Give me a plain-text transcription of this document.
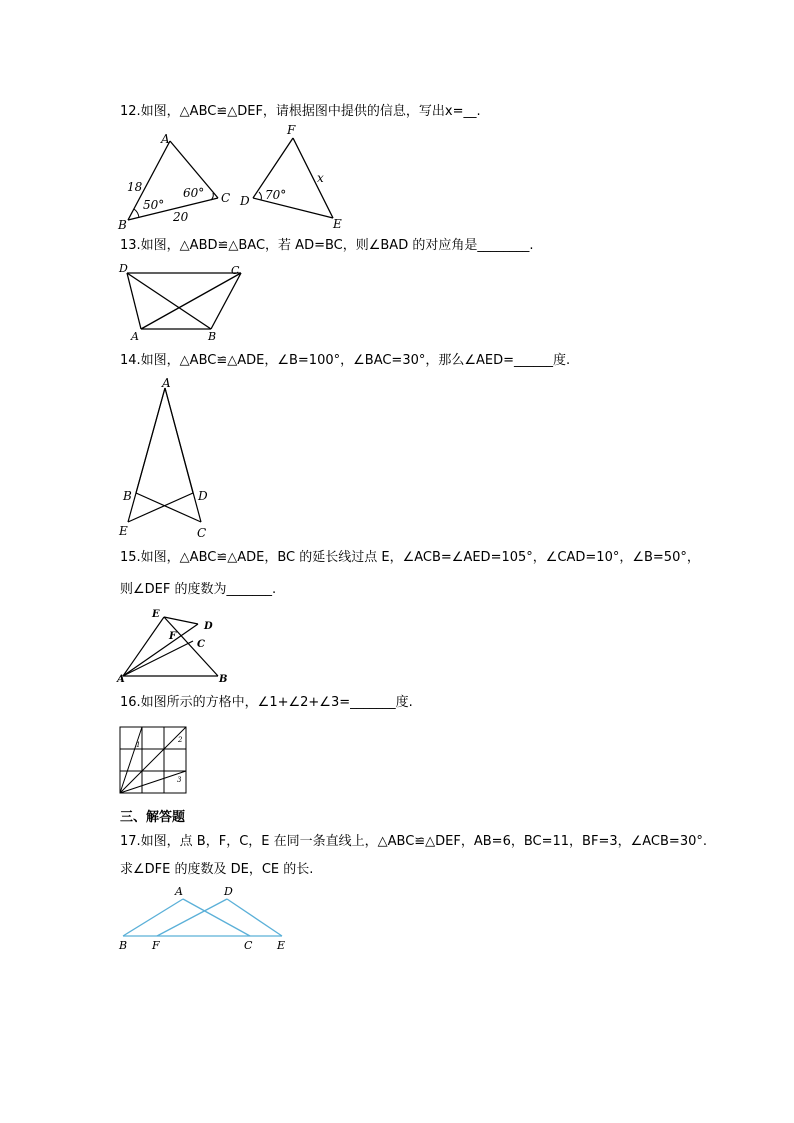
12.如图，△ABC≌△DEF，请根据图中提供的信息，写出x=__.
A
B
C
18
50°
60°
20
F
D
E
x
70°
13.如图，△ABD≌△BAC，若 AD=BC，则∠BAD 的对应角是________.
D	C
A	B
14.如图，△ABC≌△ADE，∠B=100°，∠BAC=30°，那么∠AED=______度.
A
B	D
E	C
15.如图，△ABC≌△ADE，BC 的延长线过点 E，∠ACB=∠AED=105°，∠CAD=10°，∠B=50°，
则∠DEF 的度数为_______.
E
D
F
C
A	B
16.如图所示的方格中，∠1+∠2+∠3=_______度.
1
2
3
三、解答题
17.如图，点 B，F，C，E 在同一条直线上，△ABC≌△DEF，AB=6，BC=11，BF=3，∠ACB=30°.
求∠DFE 的度数及 DE，CE 的长.
A	D
B F	C E
